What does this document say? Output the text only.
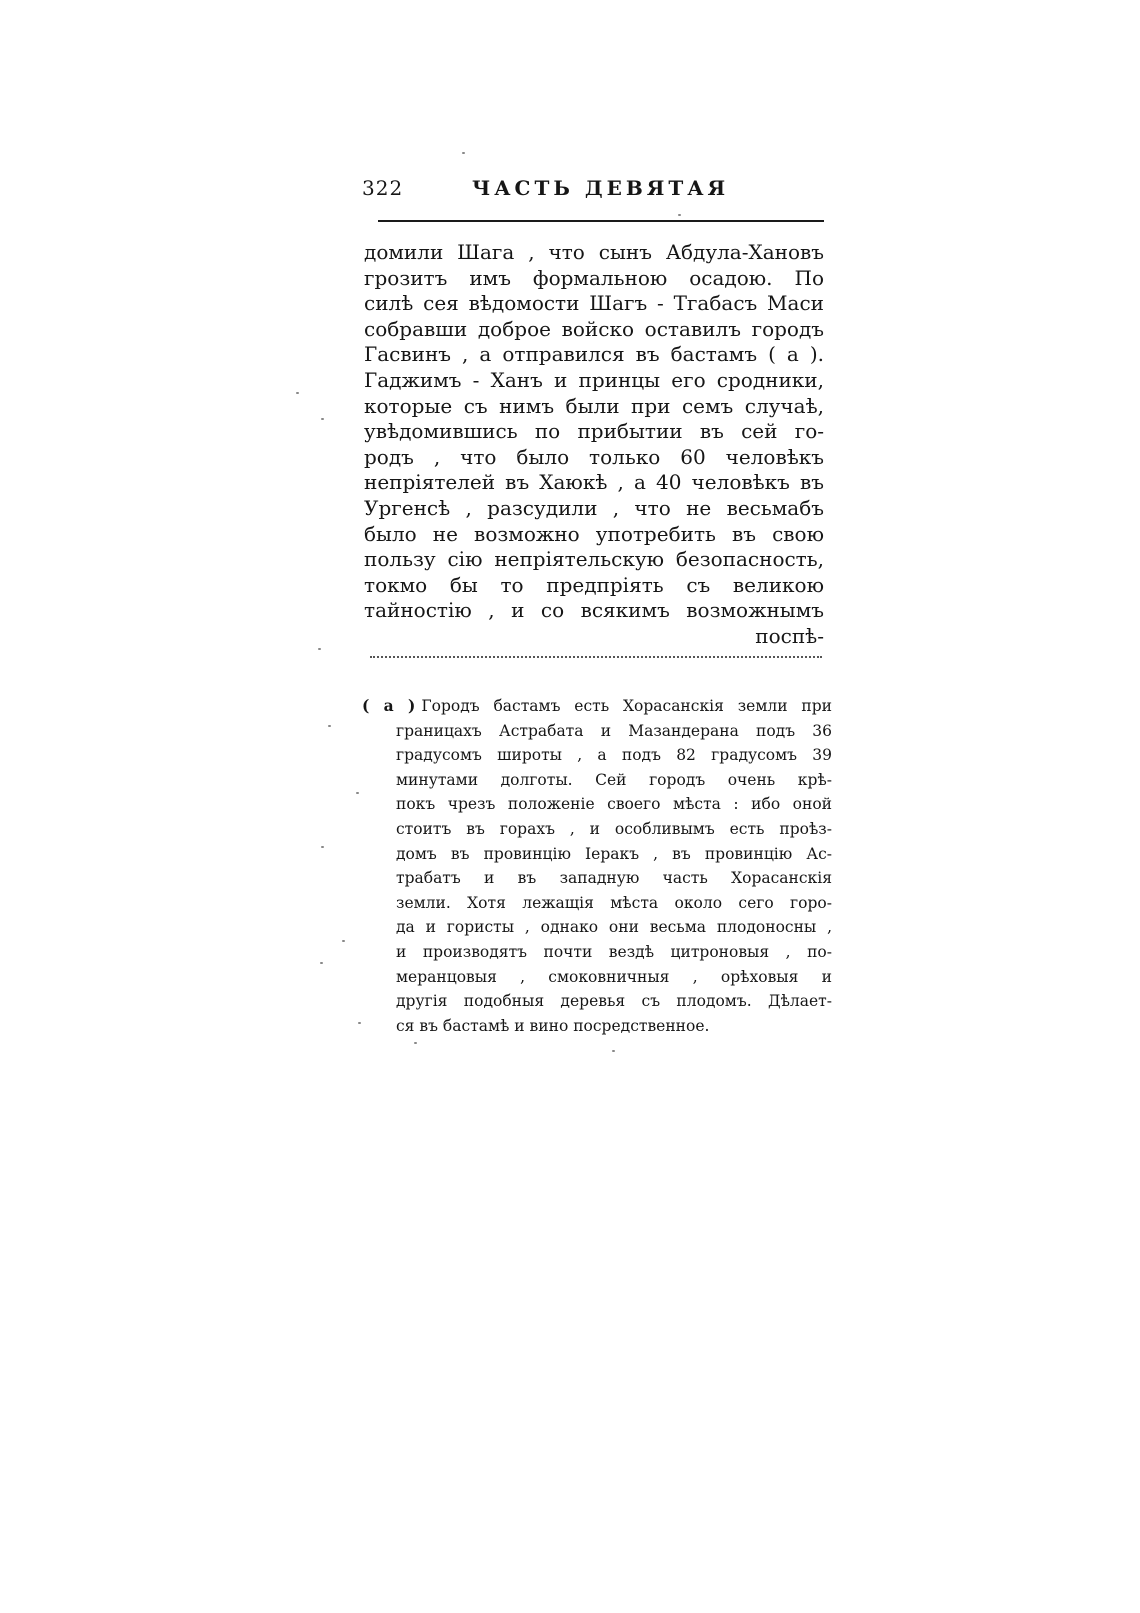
322	ЧАСТЬ ДЕВЯТАЯ
домили Шага , что сынъ Абдула-Хановъ
грозитъ имъ формальною осадою. По
силѣ сея вѣдомости Шагъ - Тгабасъ Маси
собравши доброе войско оставилъ городъ
Гасвинъ , а отправился въ бастамъ ( a ).
Гаджимъ - Ханъ и принцы его сродники,
которые съ нимъ были при семъ случаѣ,
увѣдомившись по прибытии въ сей го-
родъ , что было только 60 человѣкъ
непрiятелей въ Хаюкѣ , а 40 человѣкъ въ
Ургенсѣ , разсудили , что не весьмабъ
было не возможно употребить въ свою
пользу сiю непрiятельскую безопасность,
токмо бы то предпрiять съ великою
тайностiю , и со всякимъ возможнымъ
поспѣ-
( a ) Городъ бастамъ есть Хорасанскiя земли при
границахъ Астрабата и Мазандерана подъ 36
градусомъ широты , а подъ 82 градусомъ 39
минутами долготы. Сей городъ очень крѣ-
покъ чрезъ положенiе своего мѣста : ибо оной
стоитъ въ горахъ , и особливымъ есть проѣз-
домъ въ провинцiю Іеракъ , въ провинцiю Ас-
трабатъ и въ западную часть Хорасанскiя
земли. Хотя лежащiя мѣста около сего горо-
да и гористы , однако они весьма плодоносны ,
и производятъ почти вездѣ цитроновыя , по-
меранцовыя , смоковничныя , орѣховыя и
другiя подобныя деревья съ плодомъ. Дѣлает-
ся въ бастамѣ и вино посредственное.
